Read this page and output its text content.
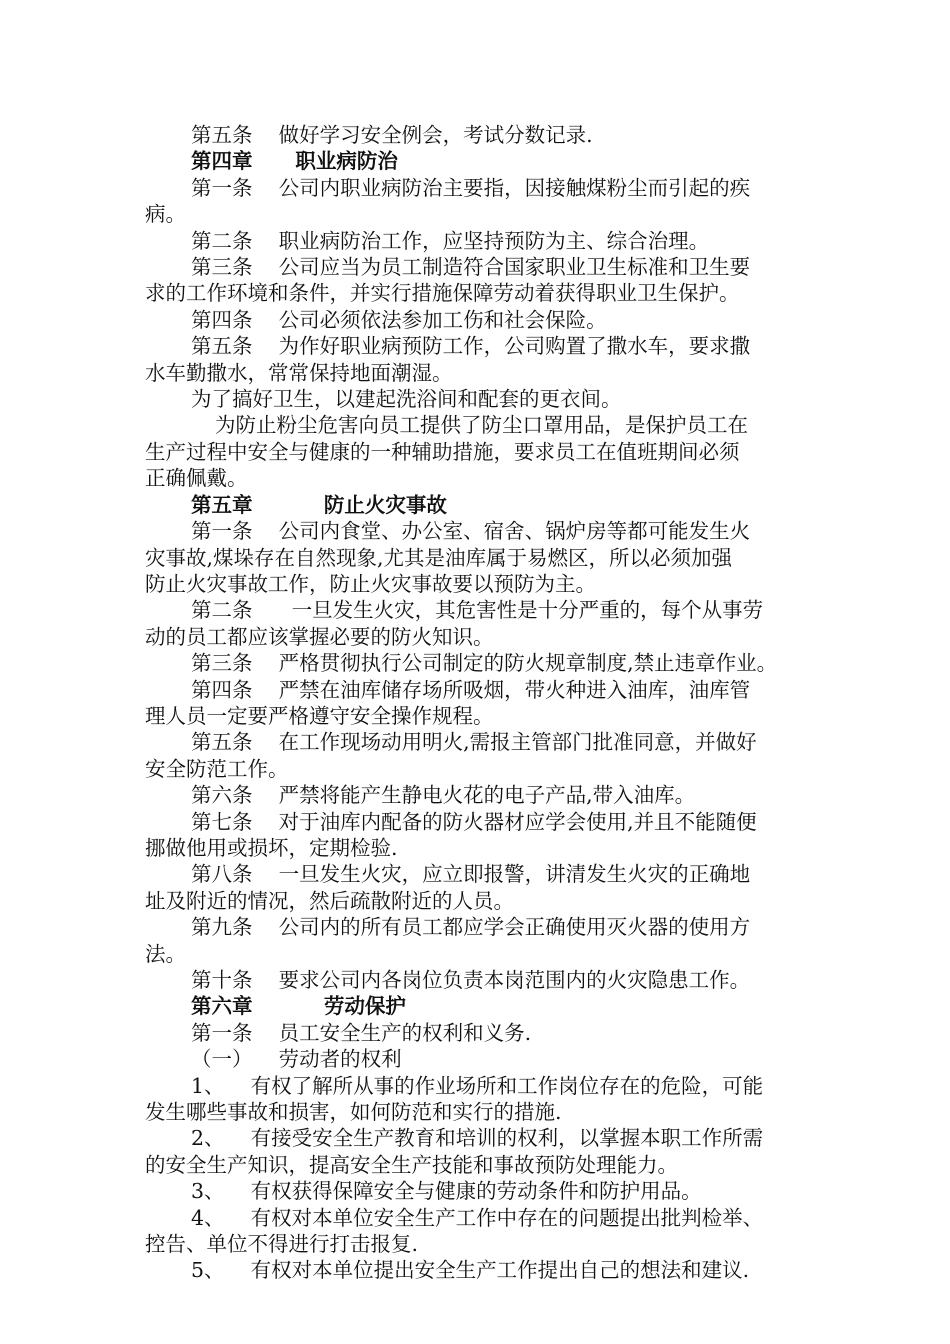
第五条    做好学习安全例会，考试分数记录.
第四章      职业病防治
第一条    公司内职业病防治主要指，因接触煤粉尘而引起的疾
病。
第二条    职业病防治工作，应坚持预防为主、综合治理。
第三条    公司应当为员工制造符合国家职业卫生标准和卫生要
求的工作环境和条件，并实行措施保障劳动着获得职业卫生保护。
第四条    公司必须依法参加工伤和社会保险。
第五条    为作好职业病预防工作，公司购置了撒水车，要求撒
水车勤撒水，常常保持地面潮湿。
为了搞好卫生，以建起洗浴间和配套的更衣间。
为防止粉尘危害向员工提供了防尘口罩用品，是保护员工在
生产过程中安全与健康的一种辅助措施，要求员工在值班期间必须
正确佩戴。
第五章          防止火灾事故
第一条    公司内食堂、办公室、宿舍、锅炉房等都可能发生火
灾事故,煤垛存在自然现象,尤其是油库属于易燃区，所以必须加强
防止火灾事故工作，防止火灾事故要以预防为主。
第二条      一旦发生火灾，其危害性是十分严重的，每个从事劳
动的员工都应该掌握必要的防火知识。
第三条    严格贯彻执行公司制定的防火规章制度,禁止违章作业。
第四条    严禁在油库储存场所吸烟，带火种进入油库，油库管
理人员一定要严格遵守安全操作规程。
第五条    在工作现场动用明火,需报主管部门批准同意，并做好
安全防范工作。
第六条    严禁将能产生静电火花的电子产品,带入油库。
第七条    对于油库内配备的防火器材应学会使用,并且不能随便
挪做他用或损坏，定期检验.
第八条    一旦发生火灾，应立即报警，讲清发生火灾的正确地
址及附近的情况，然后疏散附近的人员。
第九条    公司内的所有员工都应学会正确使用灭火器的使用方
法。
第十条    要求公司内各岗位负责本岗范围内的火灾隐患工作。
第六章          劳动保护
第一条    员工安全生产的权利和义务.
（一）    劳动者的权利
1、    有权了解所从事的作业场所和工作岗位存在的危险，可能
发生哪些事故和损害，如何防范和实行的措施.
2、    有接受安全生产教育和培训的权利，以掌握本职工作所需
的安全生产知识，提高安全生产技能和事故预防处理能力。
3、    有权获得保障安全与健康的劳动条件和防护用品。
4、    有权对本单位安全生产工作中存在的问题提出批判检举、
控告、单位不得进行打击报复.
5、    有权对本单位提出安全生产工作提出自己的想法和建议.
